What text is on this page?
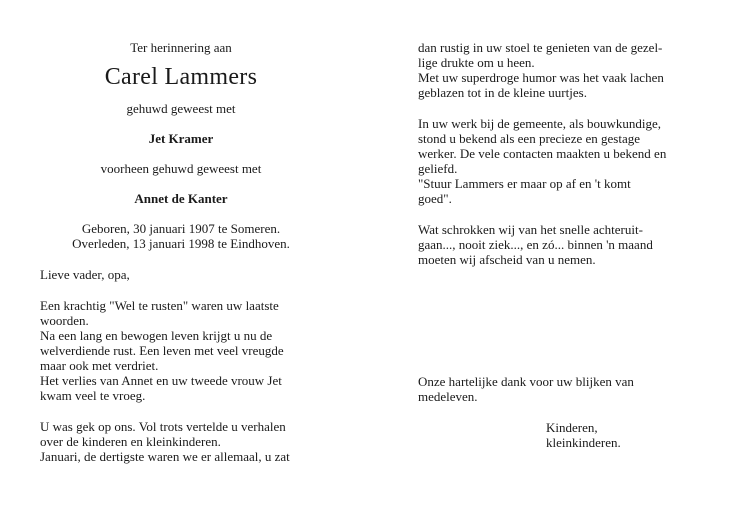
Ter herinnering aan

Carel Lammers

gehuwd geweest met

Jet Kramer

voorheen gehuwd geweest met

Annet de Kanter

Geboren, 30 januari 1907 te Someren.

Overleden, 13 januari 1998 te Eindhoven.

Lieve vader, opa,

Een krachtig "Wel te rusten" waren uw laatste

woorden.

Na een lang en bewogen leven krijgt u nu de

welverdiende rust. Een leven met veel vreugde

maar ook met verdriet.

Het verlies van Annet en uw tweede vrouw Jet

kwam veel te vroeg.

U was gek op ons. Vol trots vertelde u verhalen

over de kinderen en kleinkinderen.

Januari, de dertigste waren we er allemaal, u zat

dan rustig in uw stoel te genieten van de gezel-

lige drukte om u heen.

Met uw superdroge humor was het vaak lachen

geblazen tot in de kleine uurtjes.

In uw werk bij de gemeente, als bouwkundige,

stond u bekend als een precieze en gestage

werker. De vele contacten maakten u bekend en

geliefd.

"Stuur Lammers er maar op af en 't komt

goed".

Wat schrokken wij van het snelle achteruit-

gaan..., nooit ziek..., en zó... binnen 'n maand

moeten wij afscheid van u nemen.

Onze hartelijke dank voor uw blijken van

medeleven.

Kinderen,

kleinkinderen.
